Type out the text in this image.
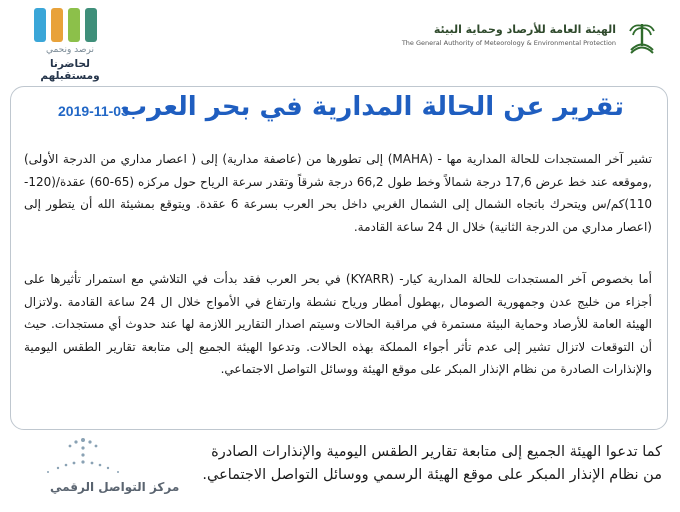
نرصد ونحمي
لحاضرنا ومستقبلهم
الهيئة العامة للأرصاد وحماية البيئة
The General Authority of Meteorology & Environmental Protection
2019-11-03
تقرير عن الحالة المدارية في بحر العرب

تشير آخر المستجدات للحالة المدارية مها - (MAHA) إلى تطورها من (عاصفة مدارية) إلى ( اعصار مداري من الدرجة الأولى) ,وموقعه عند خط عرض 17,6 درجة شمالاً وخط طول 66,2 درجة شرقاً وتقدر سرعة الرياح حول مركزه (65-60) عقدة/(120-110)كم/س ويتحرك باتجاه الشمال إلى الشمال الغربي داخل بحر العرب بسرعة 6 عقدة. ويتوقع بمشيئة الله أن يتطور إلى (اعصار مداري من الدرجة الثانية) خلال ال 24 ساعة القادمة.

أما بخصوص آخر المستجدات للحالة المدارية كيار- (KYARR) في بحر العرب فقد بدأت في التلاشي مع استمرار تأثيرها على أجزاء من خليج عدن وجمهورية الصومال ,بهطول أمطار ورياح نشطة وارتفاع في الأمواج خلال ال 24 ساعة القادمة .ولاتزال الهيئة العامة للأرصاد وحماية البيئة مستمرة في مراقبة الحالات وسيتم اصدار التقارير اللازمة لها عند حدوث أي مستجدات. حيث أن التوقعات لاتزال تشير إلى عدم تأثر أجواء المملكة بهذه الحالات. وتدعوا الهيئة الجميع إلى متابعة تقارير الطقس اليومية والإنذارات الصادرة من نظام الإنذار المبكر على موقع الهيئة ووسائل التواصل الاجتماعي.

مركز التواصل الرقمي

كما تدعوا الهيئة الجميع إلى متابعة تقارير الطقس اليومية والإنذارات الصادرة من نظام الإنذار المبكر على موقع الهيئة الرسمي ووسائل التواصل الاجتماعي.
